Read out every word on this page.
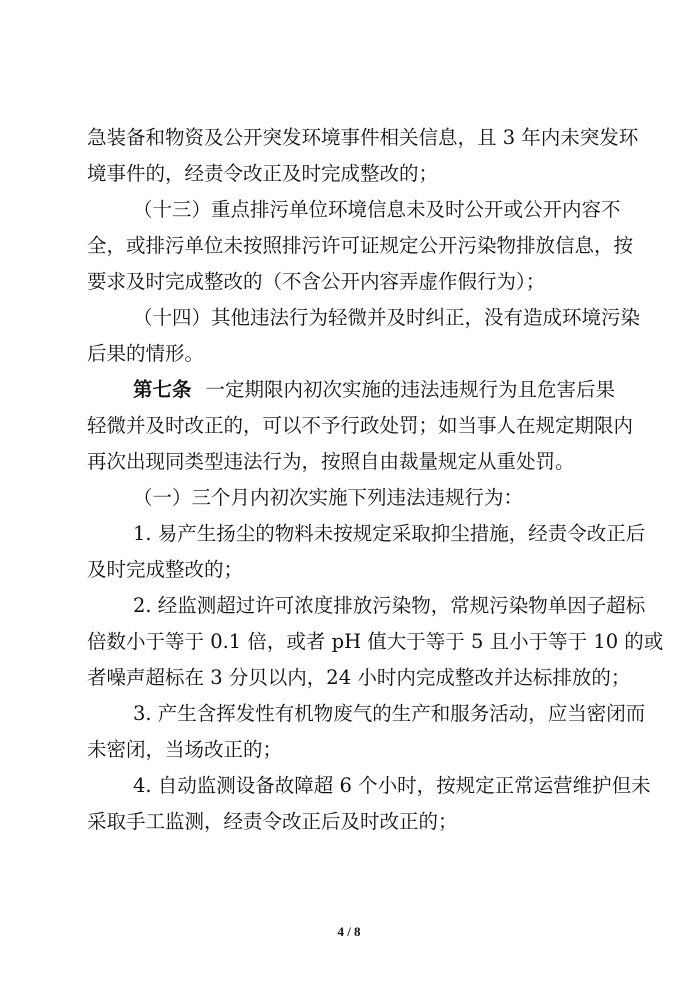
急装备和物资及公开突发环境事件相关信息，且 3 年内未突发环
境事件的，经责令改正及时完成整改的；
（十三）重点排污单位环境信息未及时公开或公开内容不
全，或排污单位未按照排污许可证规定公开污染物排放信息，按
要求及时完成整改的（不含公开内容弄虚作假行为）；
（十四）其他违法行为轻微并及时纠正，没有造成环境污染
后果的情形。
第七条 一定期限内初次实施的违法违规行为且危害后果
轻微并及时改正的，可以不予行政处罚；如当事人在规定期限内
再次出现同类型违法行为，按照自由裁量规定从重处罚。
（一）三个月内初次实施下列违法违规行为：
1. 易产生扬尘的物料未按规定采取抑尘措施，经责令改正后
及时完成整改的；
2. 经监测超过许可浓度排放污染物，常规污染物单因子超标
倍数小于等于 0.1 倍，或者 pH 值大于等于 5 且小于等于 10 的或
者噪声超标在 3 分贝以内，24 小时内完成整改并达标排放的；
3. 产生含挥发性有机物废气的生产和服务活动，应当密闭而
未密闭，当场改正的；
4. 自动监测设备故障超 6 个小时，按规定正常运营维护但未
采取手工监测，经责令改正后及时改正的；
4 / 8
